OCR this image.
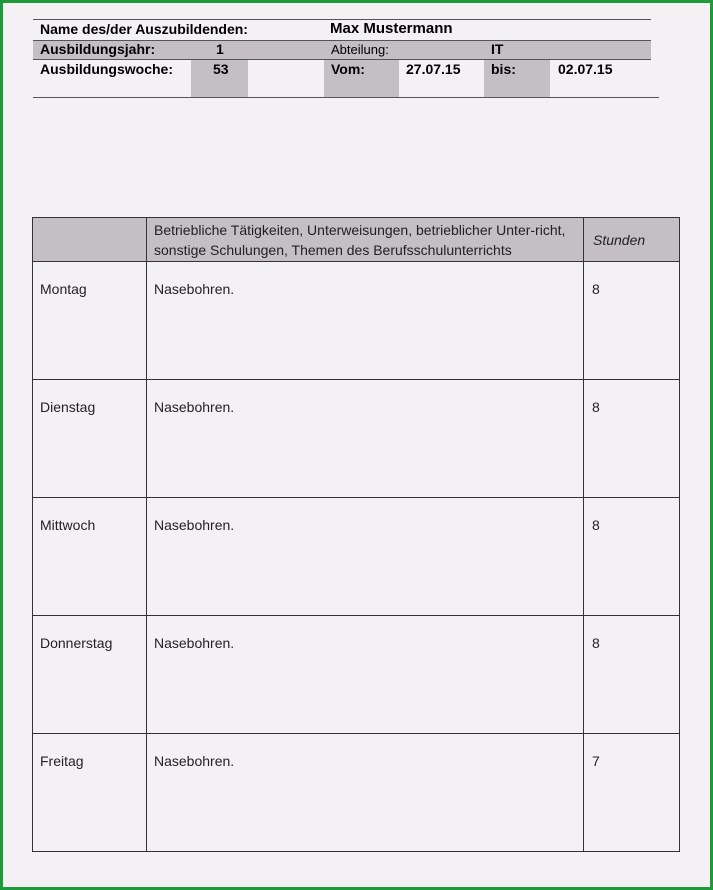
Name des/der Auszubildenden:	Max Mustermann
Ausbildungsjahr:	1	Abteilung:	IT
Ausbildungswoche:	53	Vom:	27.07.15 bis:	02.07.15
	Betriebliche Tätigkeiten, Unterweisungen, betrieblicher Unter-richt, sonstige Schulungen, Themen des Berufsschulunterrichts	Stunden

Montag	Nasebohren.	8

Dienstag	Nasebohren.	8

Mittwoch	Nasebohren.	8

Donnerstag	Nasebohren.	8

Freitag	Nasebohren.	7
